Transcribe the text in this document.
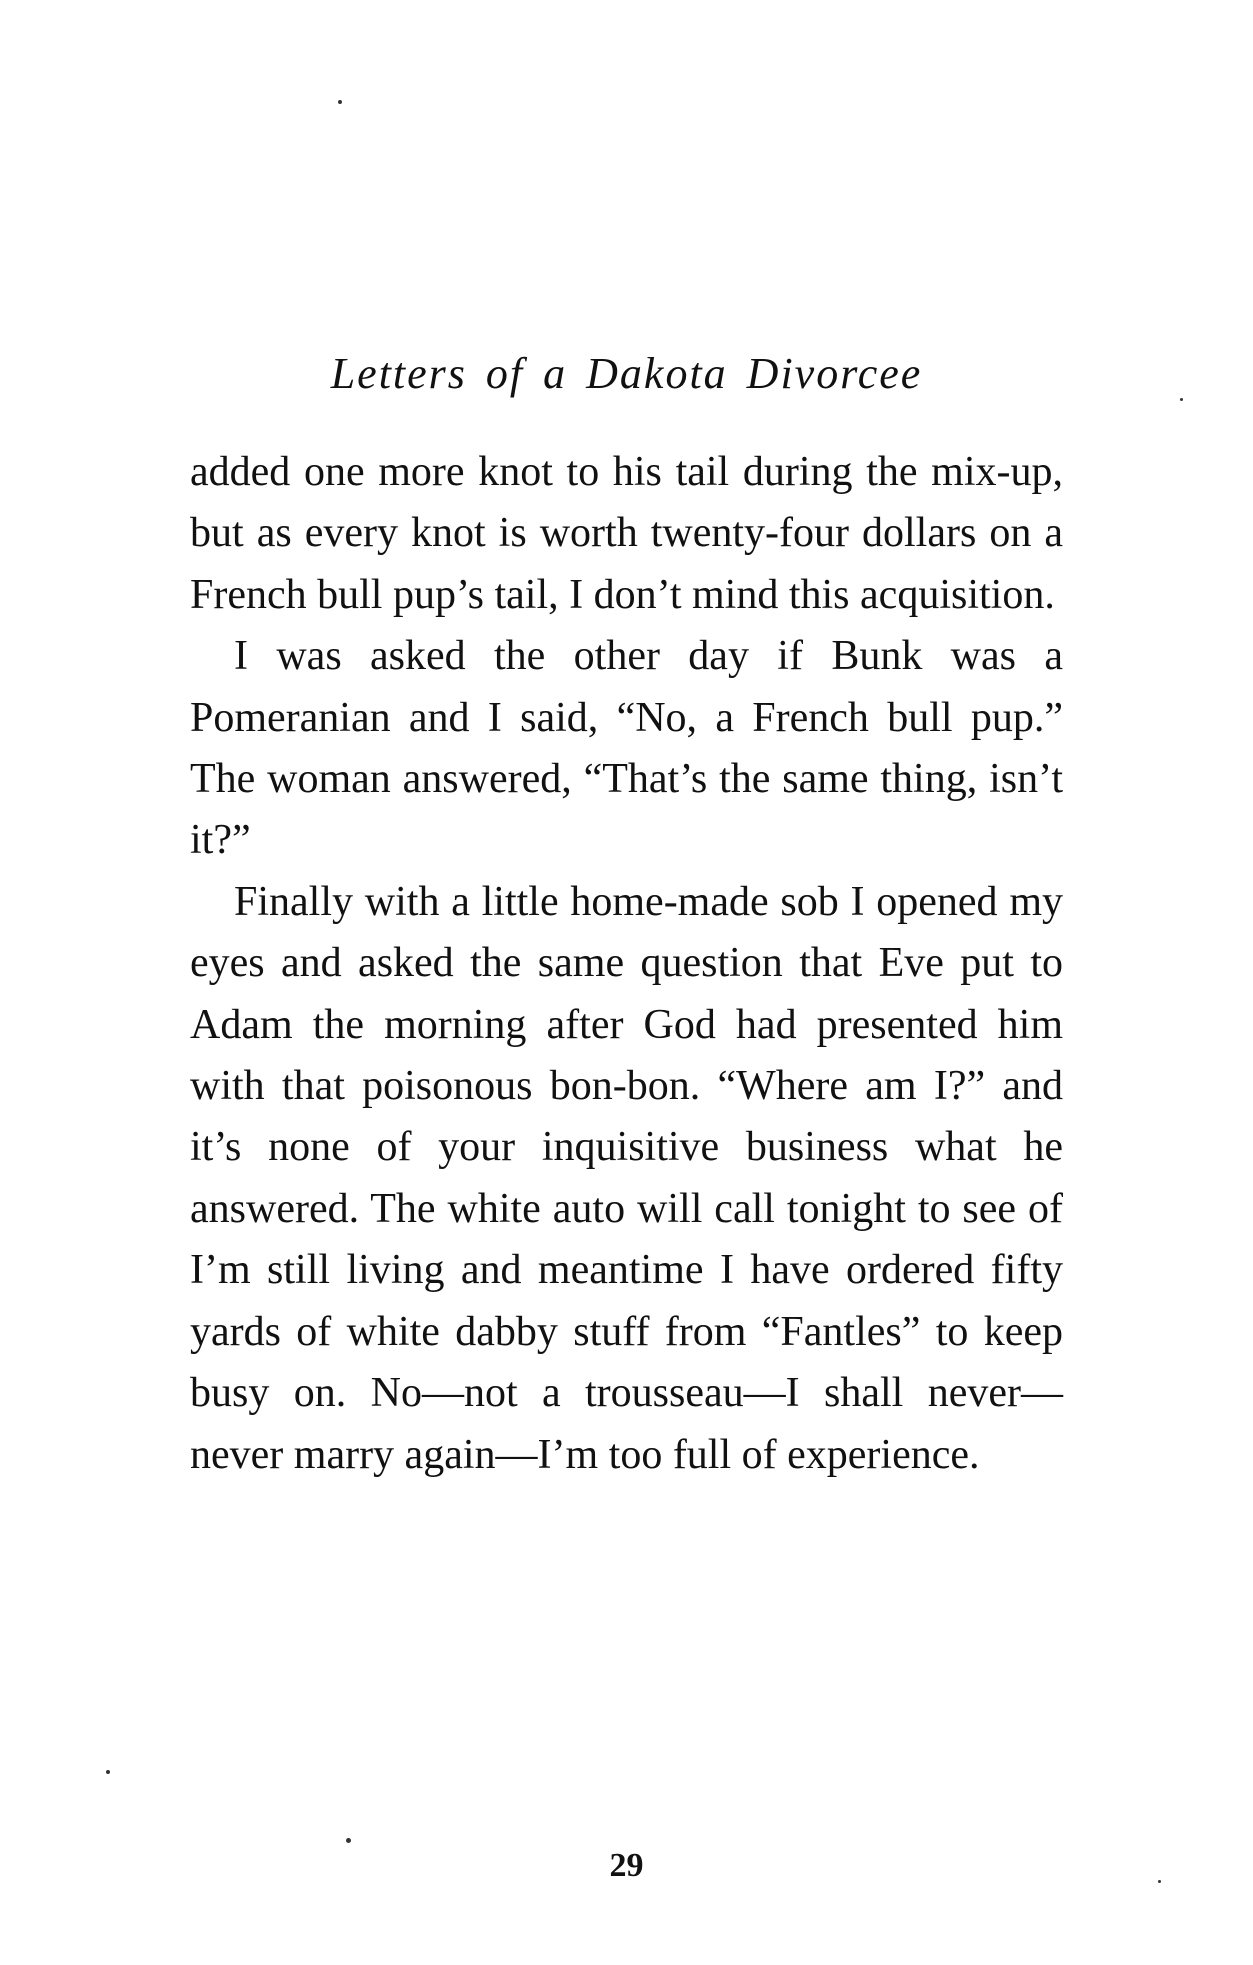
Letters of a Dakota Divorcee

added one more knot to his tail during the mix-up, but as every knot is worth twenty-four dollars on a French bull pup’s tail, I don’t mind this acquisition.

I was asked the other day if Bunk was a Pomeranian and I said, “No, a French bull pup.” The woman answered, “That’s the same thing, isn’t it?”

Finally with a little home-made sob I opened my eyes and asked the same question that Eve put to Adam the morning after God had presented him with that poisonous bon-bon. “Where am I?” and it’s none of your inquisitive business what he answered. The white auto will call tonight to see of I’m still living and meantime I have ordered fifty yards of white dabby stuff from “Fantles” to keep busy on. No—not a trousseau—I shall never—never marry again—I’m too full of experience.

29
